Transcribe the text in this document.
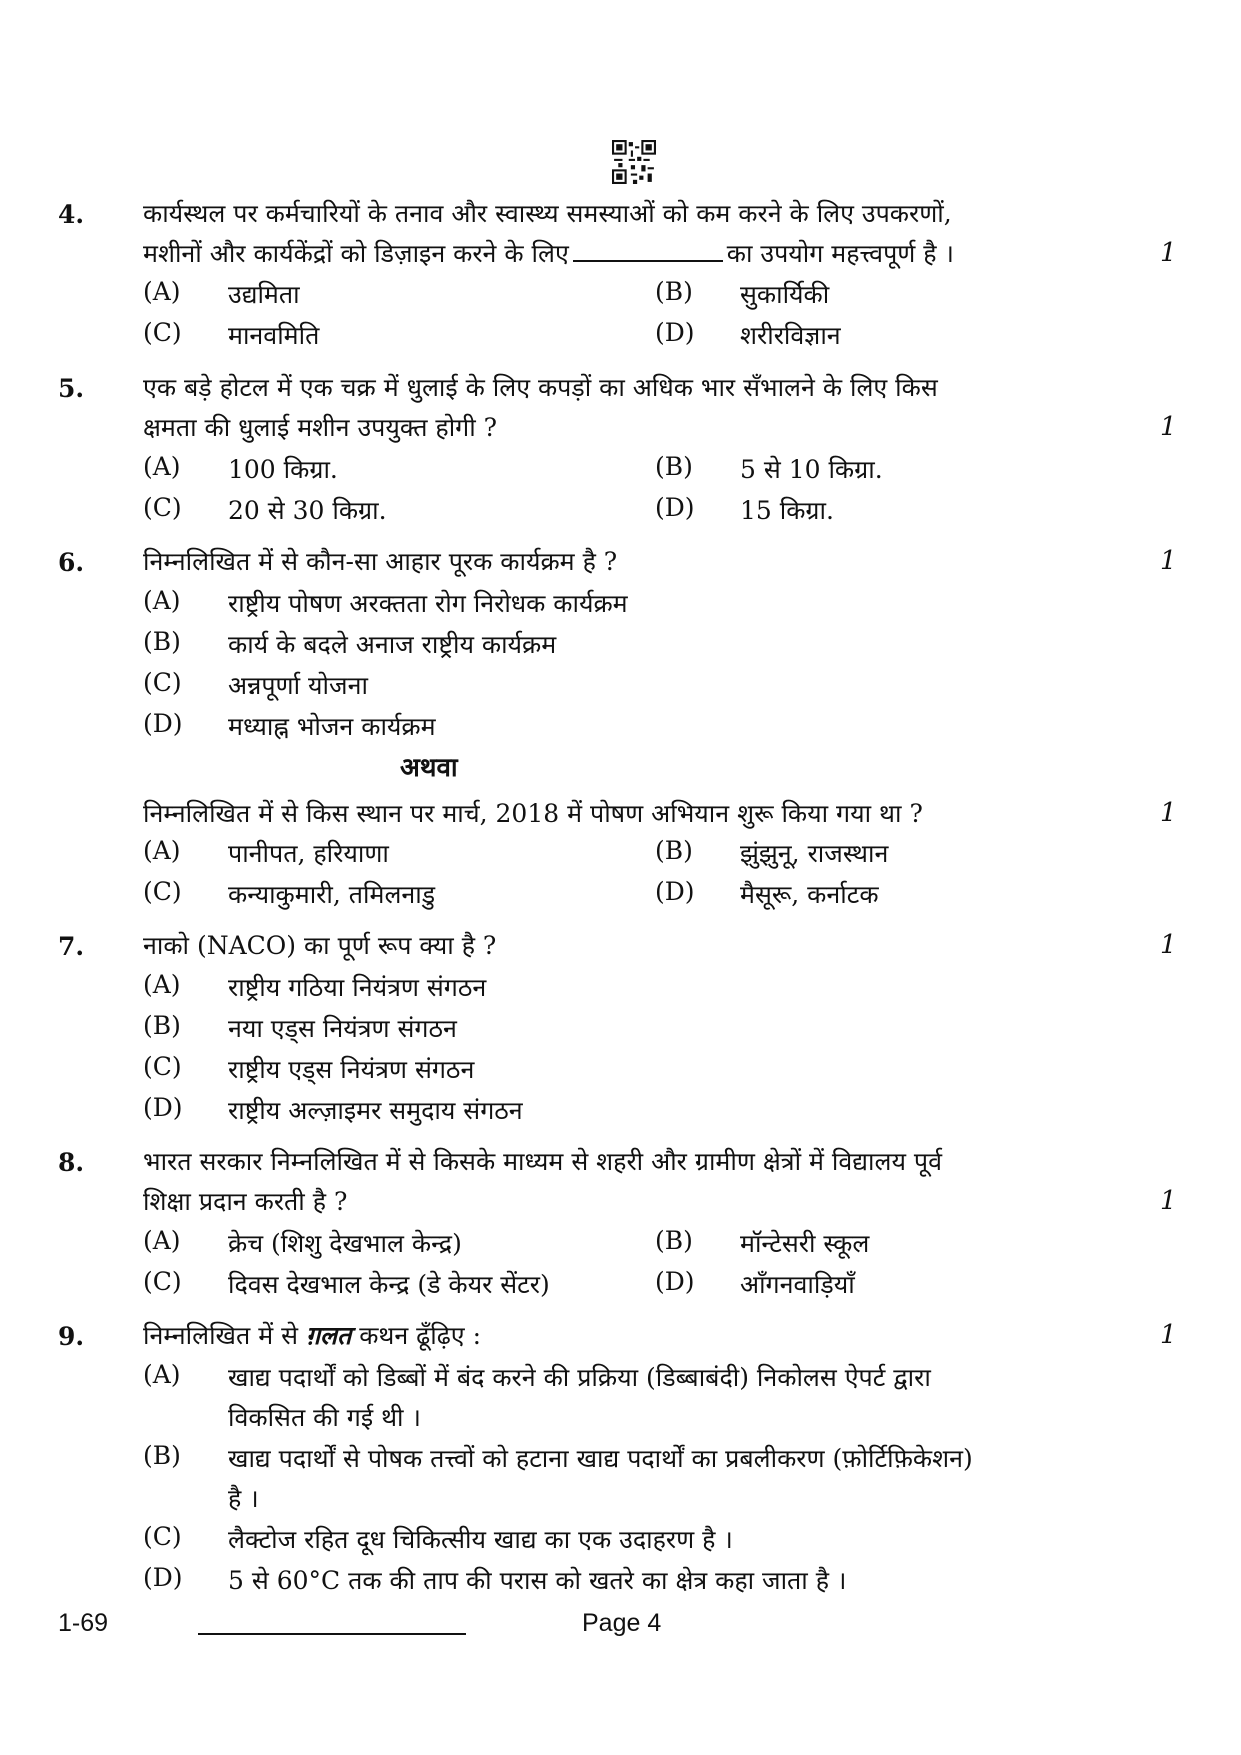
4. कार्यस्थल पर कर्मचारियों के तनाव और स्वास्थ्य समस्याओं को कम करने के लिए उपकरणों,
मशीनों और कार्यकेंद्रों को डिज़ाइन करने के लिए	का उपयोग महत्त्वपूर्ण है ।	1
(A) उद्यमिता	(B) सुकार्यिकी
(C) मानवमिति	(D) शरीरविज्ञान
5. एक बड़े होटल में एक चक्र में धुलाई के लिए कपड़ों का अधिक भार सँभालने के लिए किस
क्षमता की धुलाई मशीन उपयुक्त होगी ?	1
(A) 100 किग्रा.	(B) 5 से 10 किग्रा.
(C) 20 से 30 किग्रा.	(D) 15 किग्रा.
6. निम्नलिखित में से कौन-सा आहार पूरक कार्यक्रम है ?	1
(A) राष्ट्रीय पोषण अरक्तता रोग निरोधक कार्यक्रम
(B) कार्य के बदले अनाज राष्ट्रीय कार्यक्रम
(C) अन्नपूर्णा योजना
(D) मध्याह्न भोजन कार्यक्रम
अथवा
निम्नलिखित में से किस स्थान पर मार्च, 2018 में पोषण अभियान शुरू किया गया था ?	1
(A) पानीपत, हरियाणा	(B) झुंझुनू, राजस्थान
(C) कन्याकुमारी, तमिलनाडु	(D) मैसूरू, कर्नाटक
7. नाको (NACO) का पूर्ण रूप क्या है ?	1
(A) राष्ट्रीय गठिया नियंत्रण संगठन
(B) नया एड्स नियंत्रण संगठन
(C) राष्ट्रीय एड्स नियंत्रण संगठन
(D) राष्ट्रीय अल्ज़ाइमर समुदाय संगठन
8. भारत सरकार निम्नलिखित में से किसके माध्यम से शहरी और ग्रामीण क्षेत्रों में विद्यालय पूर्व
शिक्षा प्रदान करती है ?	1
(A) क्रेच (शिशु देखभाल केन्द्र)	(B) मॉन्टेसरी स्कूल
(C) दिवस देखभाल केन्द्र (डे केयर सेंटर)	(D) आँगनवाड़ियाँ
9. निम्नलिखित में से ग़लत कथन ढूँढ़िए :	1
(A) खाद्य पदार्थों को डिब्बों में बंद करने की प्रक्रिया (डिब्बाबंदी) निकोलस ऐपर्ट द्वारा
विकसित की गई थी ।
(B) खाद्य पदार्थों से पोषक तत्त्वों को हटाना खाद्य पदार्थों का प्रबलीकरण (फ़ोर्टिफ़िकेशन)
है ।
(C) लैक्टोज रहित दूध चिकित्सीय खाद्य का एक उदाहरण है ।
(D) 5 से 60°C तक की ताप की परास को खतरे का क्षेत्र कहा जाता है ।
1-69	Page 4
